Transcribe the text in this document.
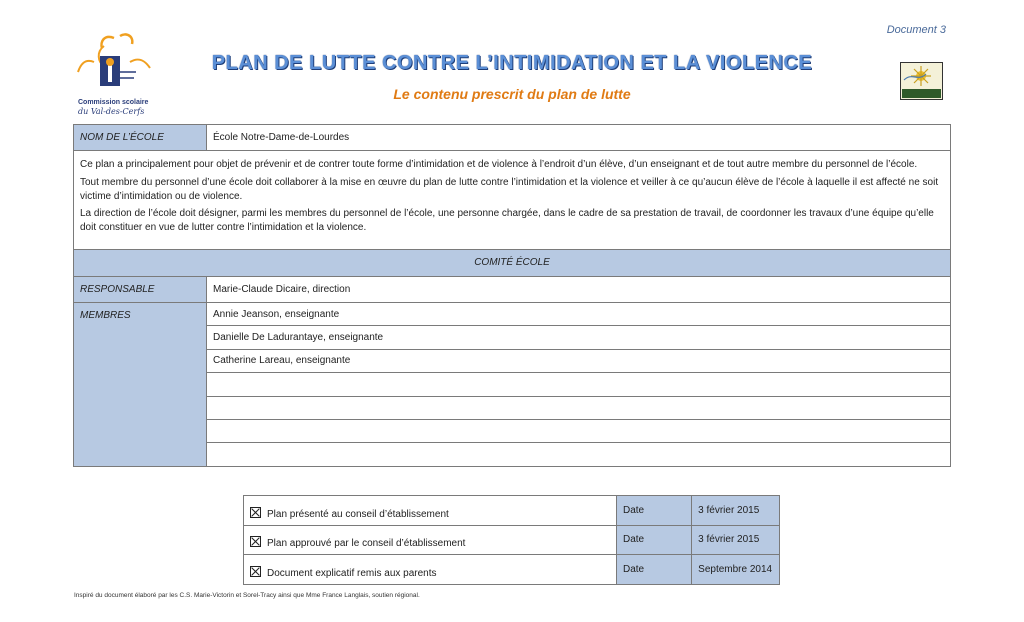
Document 3
Commission scolaire
du Val-des-Cerfs
PLAN DE LUTTE CONTRE L’INTIMIDATION ET LA VIOLENCE
Le contenu prescrit du plan de lutte
NOM DE L’ÉCOLE	École Notre-Dame-de-Lourdes

Ce plan a principalement pour objet de prévenir et de contrer toute forme d’intimidation et de violence à l’endroit d’un élève, d’un enseignant et de tout autre membre du personnel de l’école.

Tout membre du personnel d’une école doit collaborer à la mise en œuvre du plan de lutte contre l’intimidation et la violence et veiller à ce qu’aucun élève de l’école à laquelle il est affecté ne soit victime d’intimidation ou de violence.

La direction de l’école doit désigner, parmi les membres du personnel de l’école, une personne chargée, dans le cadre de sa prestation de travail, de coordonner les travaux d’une équipe qu’elle doit constituer en vue de lutter contre l’intimidation et la violence.	

COMITÉ ÉCOLE	
RESPONSABLE	Marie-Claude Dicaire, direction
MEMBRES	Annie Jeanson, enseignante
	Danielle De Ladurantaye, enseignante
	Catherine Lareau, enseignante

Plan présenté au conseil d’établissement	Date	3 février 2015
Plan approuvé par le conseil d’établissement	Date	3 février 2015
Document explicatif remis aux parents	Date	Septembre 2014
Inspiré du document élaboré par les C.S. Marie-Victorin et Sorel-Tracy ainsi que Mme France Langlais, soutien régional.
